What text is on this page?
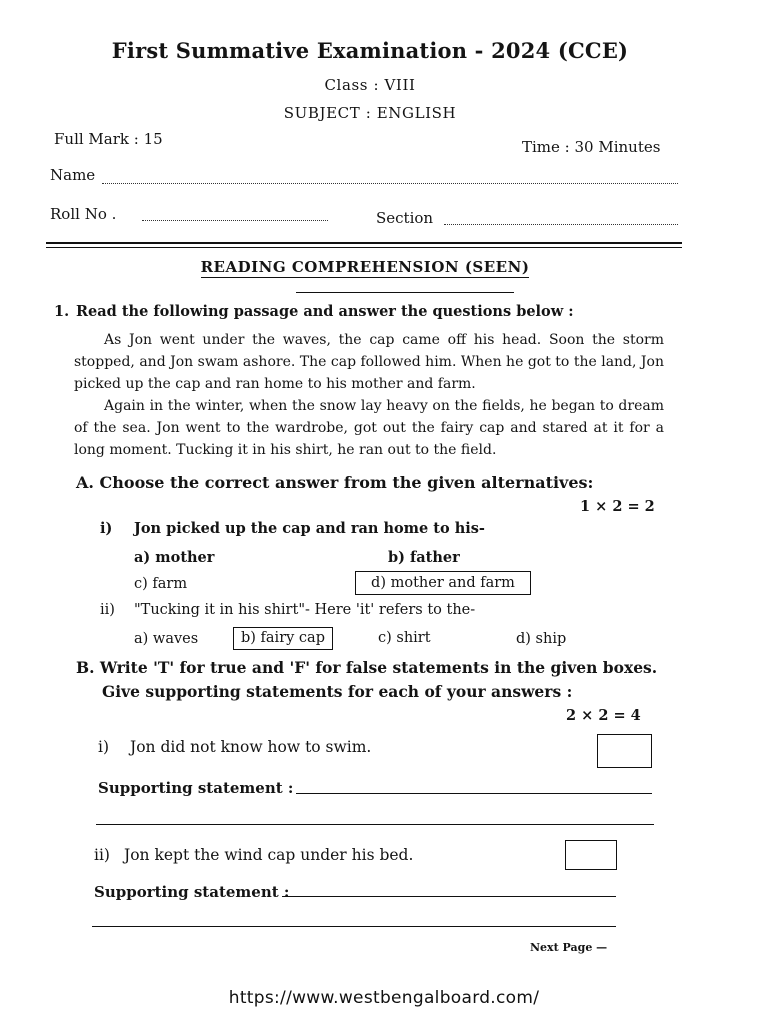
First Summative Examination - 2024 (CCE)
Class : VIII
SUBJECT : ENGLISH
Full Mark : 15	Time : 30 Minutes
Name
Roll No .	Section
READING COMPREHENSION (SEEN)
1. Read the following passage and answer the questions below :

As Jon went under the waves, the cap came off his head. Soon the storm stopped, and Jon swam ashore. The cap followed him. When he got to the land, Jon picked up the cap and ran home to his mother and farm.

Again in the winter, when the snow lay heavy on the fields, he began to dream of the sea. Jon went to the wardrobe, got out the fairy cap and stared at it for a long moment. Tucking it in his shirt, he ran out to the field.

A. Choose the correct answer from the given alternatives:
1 × 2 = 2
i) Jon picked up the cap and ran home to his-
a) mother	b) father
c) farm	d) mother and farm
ii) "Tucking it in his shirt"- Here 'it' refers to the-
a) waves	b) fairy cap	c) shirt	d) ship
B. Write 'T' for true and 'F' for false statements in the given boxes.
Give supporting statements for each of your answers :
2 × 2 = 4
i) Jon did not know how to swim.
Supporting statement :
ii) Jon kept the wind cap under his bed.
Supporting statement :
Next Page —
https://www.westbengalboard.com/
